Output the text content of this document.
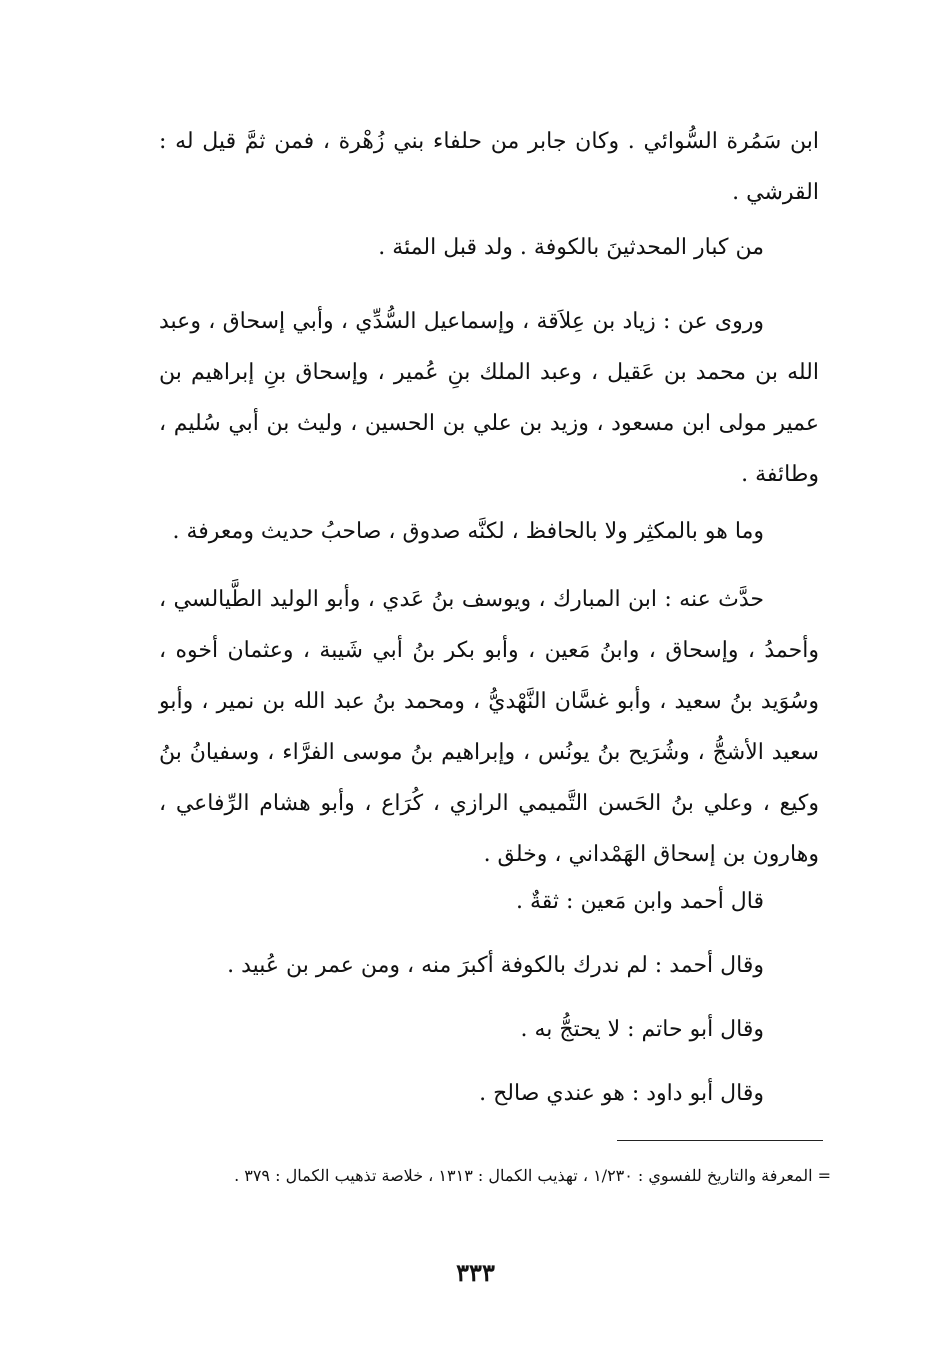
ابن سَمُرة السُّوائي . وكان جابر من حلفاء بني زُهْرة ، فمن ثمَّ قيل له : القرشي .

من كبار المحدثينَ بالكوفة . ولد قبل المئة .

وروى عن : زياد بن عِلاَقة ، وإسماعيل السُّدِّي ، وأبي إسحاق ، وعبد الله بن محمد بن عَقيل ، وعبد الملك بنِ عُمير ، وإسحاق بنِ إبراهيم بن عمير مولى ابن مسعود ، وزيد بن علي بن الحسين ، وليث بن أبي سُليم ، وطائفة .

وما هو بالمكثِر ولا بالحافظ ، لكنَّه صدوق ، صاحبُ حديث ومعرفة .

حدَّث عنه : ابن المبارك ، ويوسف بنُ عَدي ، وأبو الوليد الطَّيالسي ، وأحمدُ ، وإسحاق ، وابنُ مَعين ، وأبو بكر بنُ أبي شَيبة ، وعثمان أخوه ، وسُوَيد بنُ سعيد ، وأبو غسَّان النَّهْديُّ ، ومحمد بنُ عبد الله بن نمير ، وأبو سعيد الأشجُّ ، وشُرَيح بنُ يونُس ، وإبراهيم بنُ موسى الفرَّاء ، وسفيانُ بنُ وكيع ، وعلي بنُ الحَسن التَّميمي الرازي ، كُرَاع ، وأبو هشام الرِّفاعي ، وهارون بن إسحاق الهَمْداني ، وخلق .

قال أحمد وابن مَعين : ثقةٌ .

وقال أحمد : لم ندرك بالكوفة أكبرَ منه ، ومن عمر بن عُبيد .

وقال أبو حاتم : لا يحتجُّ به .

وقال أبو داود : هو عندي صالح .

= المعرفة والتاريخ للفسوي : ١/٢٣٠ ، تهذيب الكمال : ١٣١٣ ، خلاصة تذهيب الكمال : ٣٧٩ .

٣٣٣
